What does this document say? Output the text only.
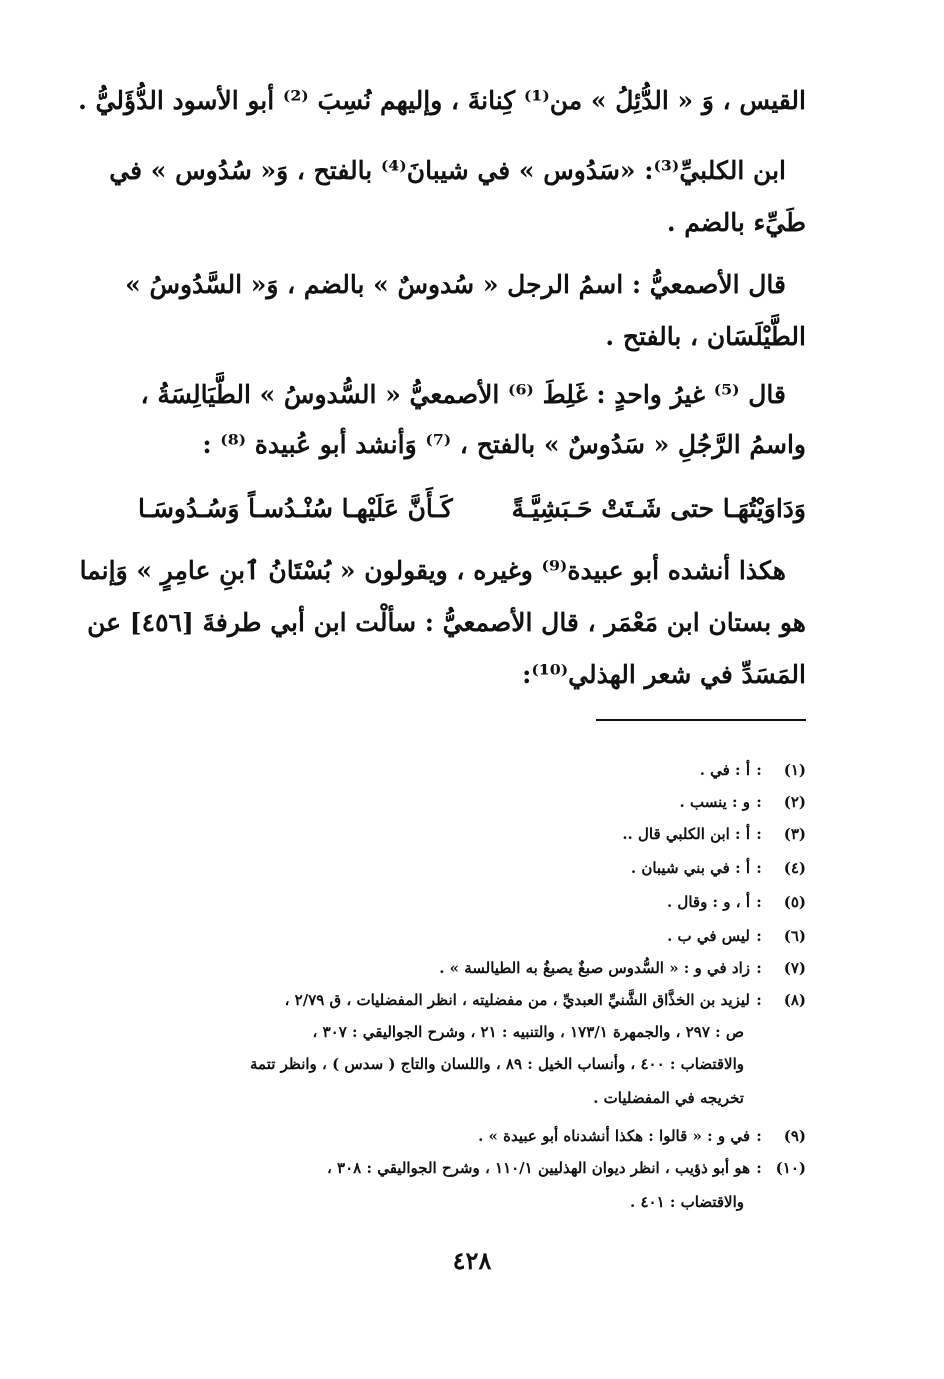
القيس ، وَ « الدُّئِلُ » من⁽¹⁾ كِنانةَ ، وإليهم نُسِبَ ⁽²⁾ أبو الأسود الدُّؤَليُّ .
ابن الكلبيِّ⁽³⁾: «سَدُوس » في شيبانَ⁽⁴⁾ بالفتح ، وَ« سُدُوس » في
طَيِّء بالضم .
قال الأصمعيُّ : اسمُ الرجل « سُدوسٌ » بالضم ، وَ« السَّدُوسُ »
الطَّيْلَسَان ، بالفتح .
قال ⁽⁵⁾ غيرُ واحدٍ : غَلِطَ ⁽⁶⁾ الأصمعيُّ « السُّدوسُ » الطَّيَالِسَةُ ،
واسمُ الرَّجُلِ « سَدُوسٌ » بالفتح ، ⁽⁷⁾ وَأنشد أبو عُبيدة ⁽⁸⁾ :
وَدَاوَيْتُهَـا حتى شَـتَتْ حَـبَشِيَّـةً
كَـأَنَّ عَلَيْهـا سُنْـدُسـاً وَسُـدُوسَـا
هكذا أنشده أبو عبيدة⁽⁹⁾ وغيره ، ويقولون « بُسْتَانُ ٱبنِ عامِرٍ » وَإنما
هو بستان ابن مَعْمَر ، قال الأصمعيُّ : سألْت ابن أبي طرفةَ [٤٥٦] عن
المَسَدِّ في شعر الهذلي⁽¹⁰⁾:
(١)
:
أ : في .
(٢)
:
و : ينسب .
(٣)
:
أ : ابن الكلبي قال ..
(٤)
:
أ : في بني شيبان .
(٥)
:
أ ، و : وقال .
(٦)
:
ليس في ب .
(٧)
:
زاد في و : « السُّدوس صبغٌ يصبغُ به الطيالسة » .
(٨)
:
ليزيد بن الخذَّاق الشَّنيِّ العبديِّ ، من مفضليته ، انظر المفضليات ، ق ٢/٧٩ ،
ص : ٢٩٧ ، والجمهرة ١٧٣/١ ، والتنبيه : ٢١ ، وشرح الجواليقي : ٣٠٧ ،
والاقتضاب : ٤٠٠ ، وأنساب الخيل : ٨٩ ، واللسان والتاج ( سدس ) ، وانظر تتمة
تخريجه في المفضليات .
(٩)
:
في و : « قالوا : هكذا أنشدناه أبو عبيدة » .
(١٠)
:
هو أبو ذؤيب ، انظر ديوان الهذليين ١١٠/١ ، وشرح الجواليقي : ٣٠٨ ،
والاقتضاب : ٤٠١ .
٤٢٨
